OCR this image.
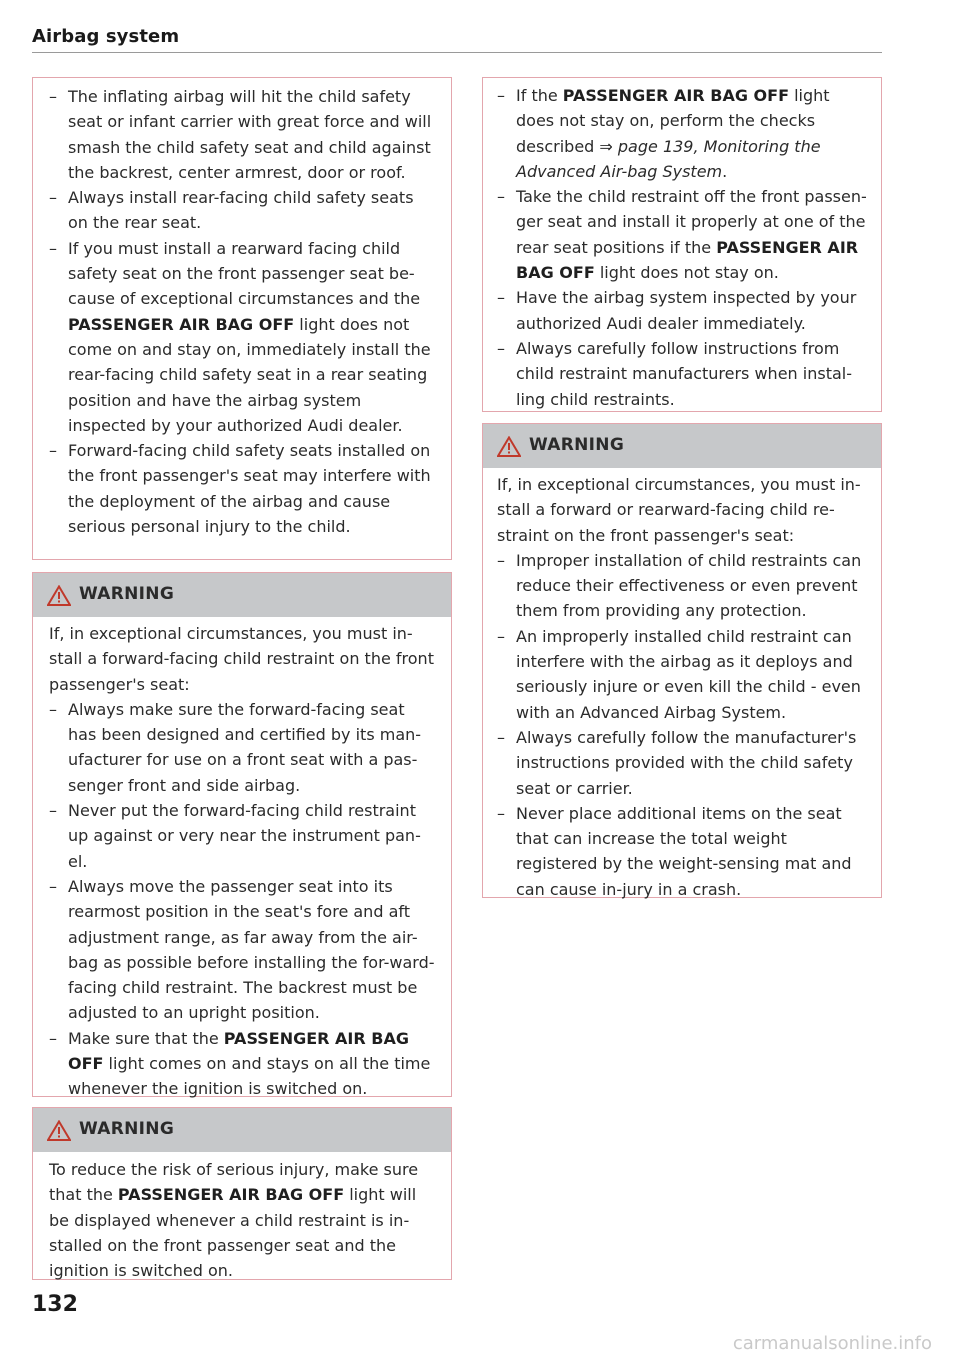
Airbag system
– The inflating airbag will hit the child safety seat or infant carrier with great force and will smash the child safety seat and child against the backrest, center armrest, door or roof.
– Always install rear-facing child safety seats on the rear seat.
– If you must install a rearward facing child safety seat on the front passenger seat be-cause of exceptional circumstances and the PASSENGER AIR BAG OFF light does not come on and stay on, immediately install the rear-facing child safety seat in a rear seating position and have the airbag system inspected by your authorized Audi dealer.
– Forward-facing child safety seats installed on the front passenger's seat may interfere with the deployment of the airbag and cause serious personal injury to the child.
WARNING
If, in exceptional circumstances, you must in-stall a forward-facing child restraint on the front passenger's seat:
– Always make sure the forward-facing seat has been designed and certified by its man-ufacturer for use on a front seat with a pas-senger front and side airbag.
– Never put the forward-facing child restraint up against or very near the instrument pan-el.
– Always move the passenger seat into its rearmost position in the seat's fore and aft adjustment range, as far away from the air-bag as possible before installing the for-ward-facing child restraint. The backrest must be adjusted to an upright position.
– Make sure that the PASSENGER AIR BAG OFF light comes on and stays on all the time whenever the ignition is switched on.
WARNING
To reduce the risk of serious injury, make sure that the PASSENGER AIR BAG OFF light will be displayed whenever a child restraint is in-stalled on the front passenger seat and the ignition is switched on.
– If the PASSENGER AIR BAG OFF light does not stay on, perform the checks described ⇒ page 139, Monitoring the Advanced Air-bag System.
– Take the child restraint off the front passen-ger seat and install it properly at one of the rear seat positions if the PASSENGER AIR BAG OFF light does not stay on.
– Have the airbag system inspected by your authorized Audi dealer immediately.
– Always carefully follow instructions from child restraint manufacturers when instal-ling child restraints.
WARNING
If, in exceptional circumstances, you must in-stall a forward or rearward-facing child re-straint on the front passenger's seat:
– Improper installation of child restraints can reduce their effectiveness or even prevent them from providing any protection.
– An improperly installed child restraint can interfere with the airbag as it deploys and seriously injure or even kill the child - even with an Advanced Airbag System.
– Always carefully follow the manufacturer's instructions provided with the child safety seat or carrier.
– Never place additional items on the seat that can increase the total weight registered by the weight-sensing mat and can cause in-jury in a crash.
132
carmanualsonline.info
